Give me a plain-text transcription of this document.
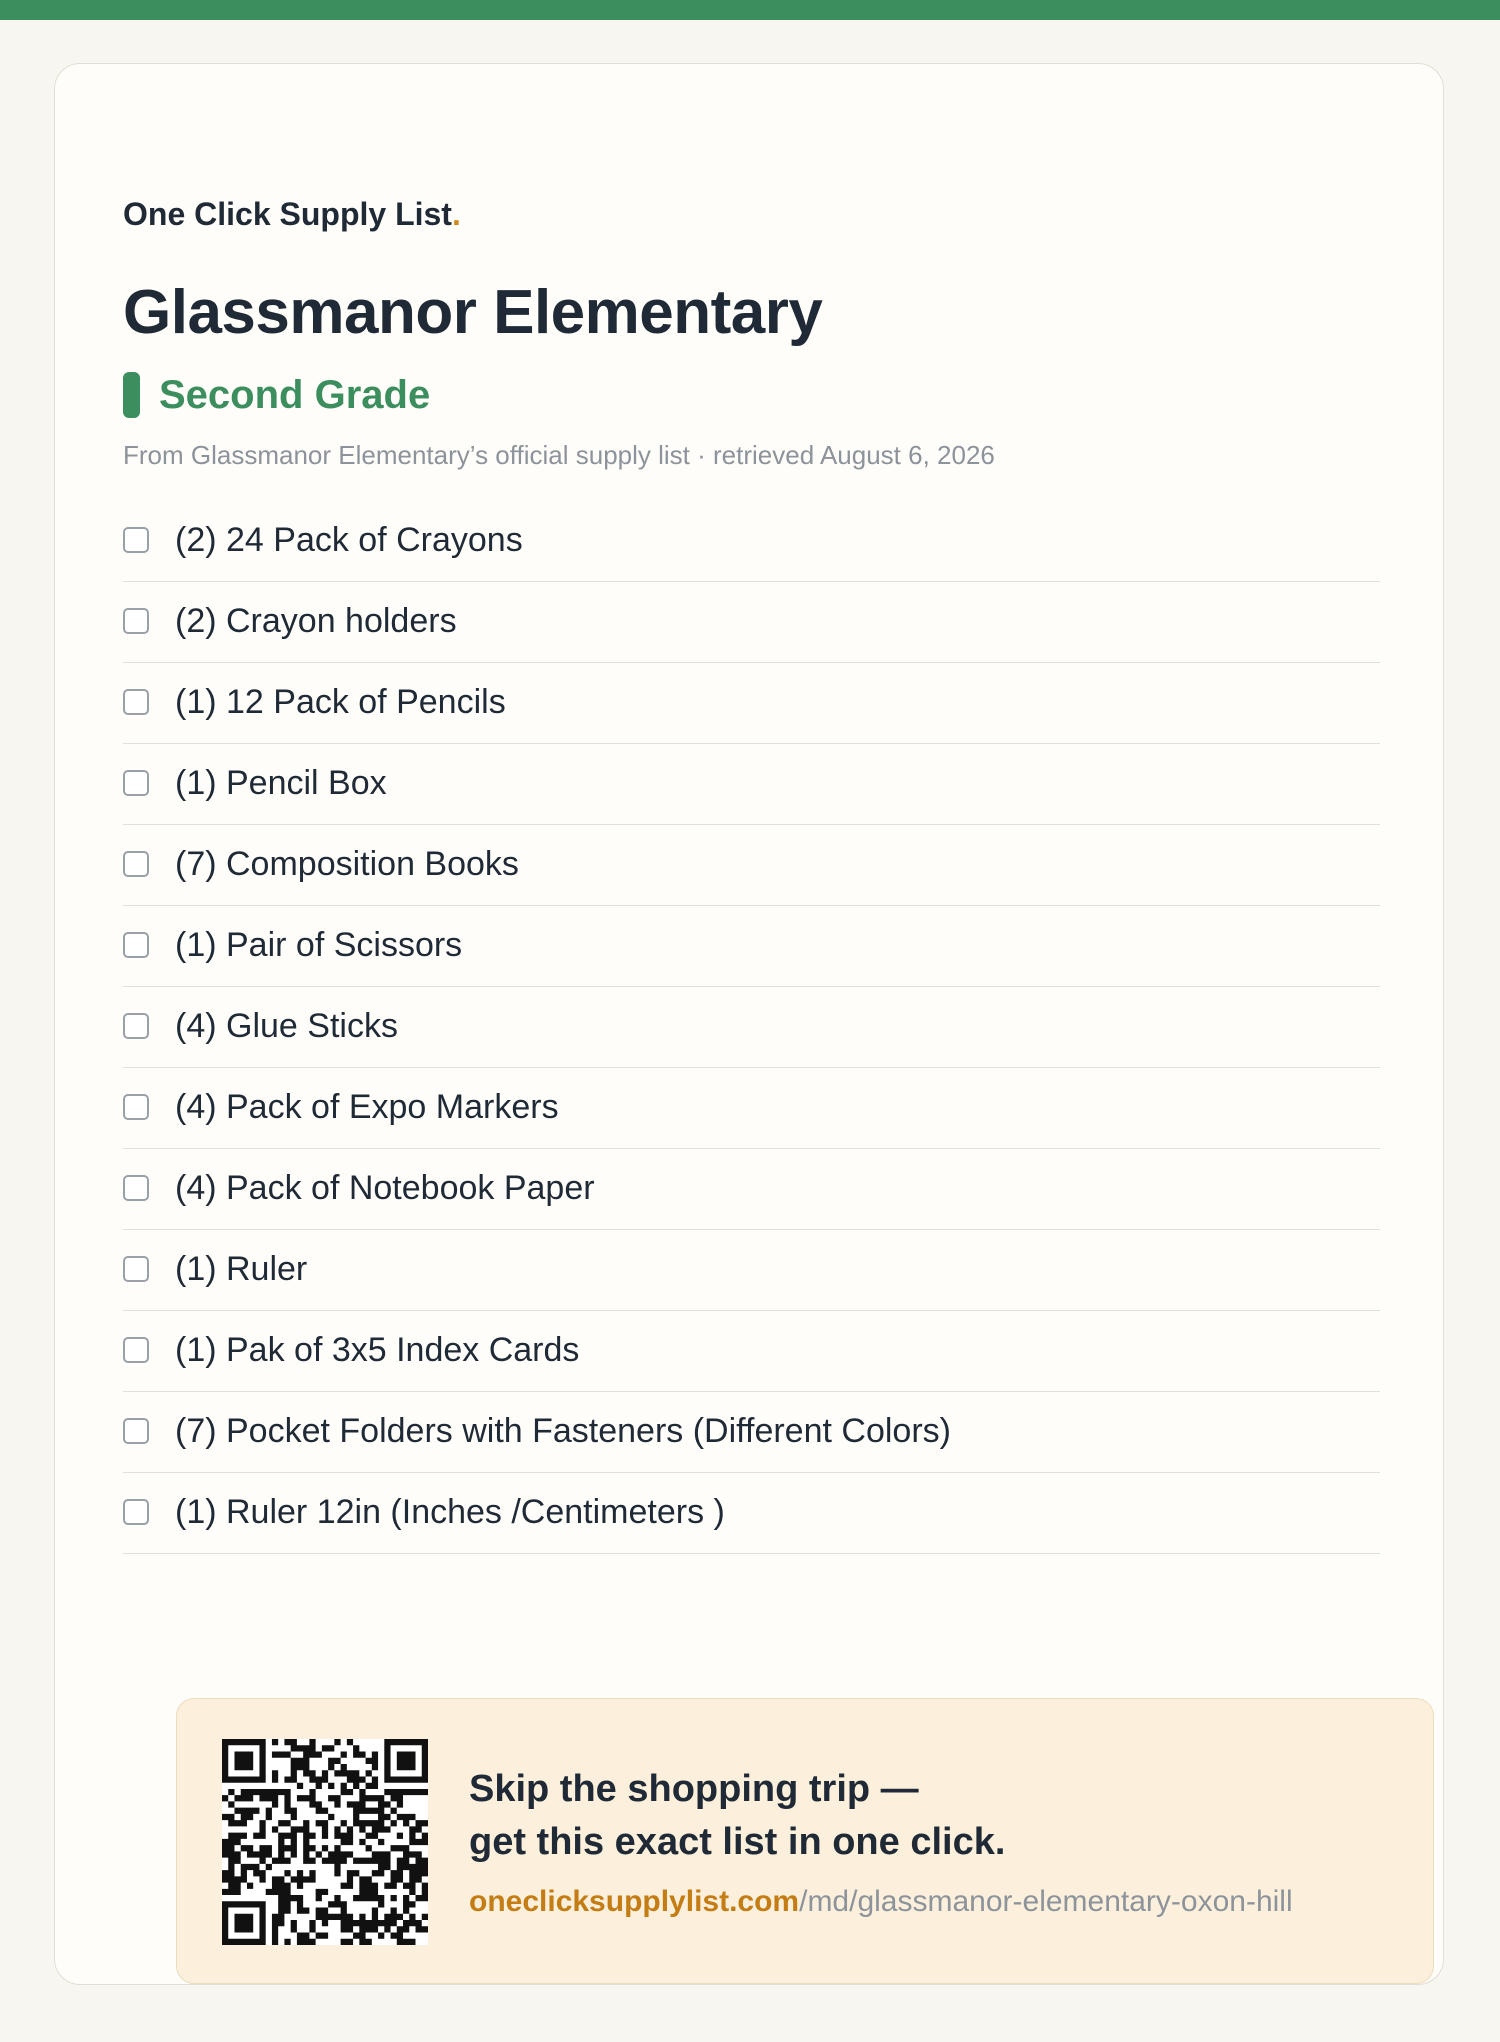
One Click Supply List.
Glassmanor Elementary
Second Grade
From Glassmanor Elementary’s official supply list · retrieved August 6, 2026
(2) 24 Pack of Crayons
(2) Crayon holders
(1) 12 Pack of Pencils
(1) Pencil Box
(7) Composition Books
(1) Pair of Scissors
(4) Glue Sticks
(4) Pack of Expo Markers
(4) Pack of Notebook Paper
(1) Ruler
(1) Pak of 3x5 Index Cards
(7) Pocket Folders with Fasteners (Different Colors)
(1) Ruler 12in (Inches /Centimeters )
Skip the shopping trip —
get this exact list in one click.
oneclicksupplylist.com/md/glassmanor-elementary-oxon-hill
